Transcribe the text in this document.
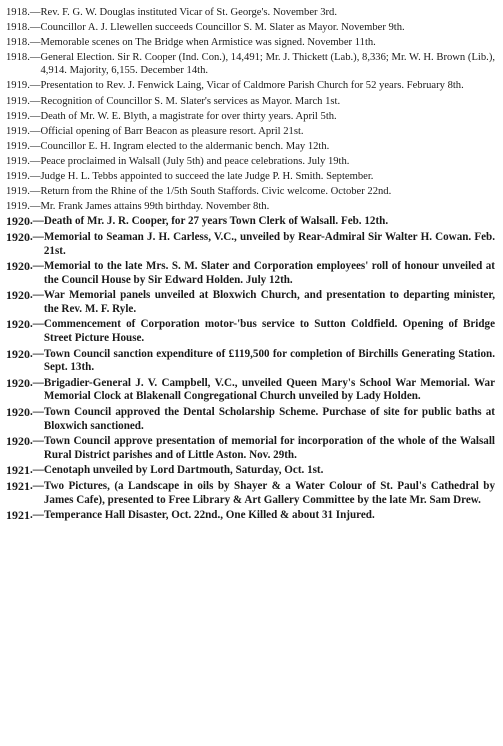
1918 .— Rev. F. G. W. Douglas instituted Vicar of St. George's. November 3rd.
1918 .— Councillor A. J. Llewellen succeeds Councillor S. M. Slater as Mayor. November 9th.
1918 .— Memorable scenes on The Bridge when Armistice was signed. November 11th.
1918 .— General Election. Sir R. Cooper (Ind. Con.), 14,491; Mr. J. Thickett (Lab.), 8,336; Mr. W. H. Brown (Lib.), 4,914. Majority, 6,155. December 14th.
1919 .— Presentation to Rev. J. Fenwick Laing, Vicar of Caldmore Parish Church for 52 years. February 8th.
1919 .— Recognition of Councillor S. M. Slater's services as Mayor. March 1st.
1919 .— Death of Mr. W. E. Blyth, a magistrate for over thirty years. April 5th.
1919 .— Official opening of Barr Beacon as pleasure resort. April 21st.
1919 .— Councillor E. H. Ingram elected to the aldermanic bench. May 12th.
1919 .— Peace proclaimed in Walsall (July 5th) and peace celebrations. July 19th.
1919 .— Judge H. L. Tebbs appointed to succeed the late Judge P. H. Smith. September.
1919 .— Return from the Rhine of the 1/5th South Staffords. Civic welcome. October 22nd.
1919 .— Mr. Frank James attains 99th birthday. November 8th.
1920 .— Death of Mr. J. R. Cooper, for 27 years Town Clerk of Walsall. Feb. 12th.
1920 .— Memorial to Seaman J. H. Carless, V.C., unveiled by Rear-Admiral Sir Walter H. Cowan. Feb. 21st.
1920 .— Memorial to the late Mrs. S. M. Slater and Corporation employees' roll of honour unveiled at the Council House by Sir Edward Holden. July 12th.
1920 .— War Memorial panels unveiled at Bloxwich Church, and presentation to departing minister, the Rev. M. F. Ryle.
1920 .— Commencement of Corporation motor-'bus service to Sutton Coldfield. Opening of Bridge Street Picture House.
1920 .— Town Council sanction expenditure of £119,500 for completion of Birchills Generating Station. Sept. 13th.
1920 .— Brigadier-General J. V. Campbell, V.C., unveiled Queen Mary's School War Memorial. War Memorial Clock at Blakenall Congregational Church unveiled by Lady Holden.
1920 .— Town Council approved the Dental Scholarship Scheme. Purchase of site for public baths at Bloxwich sanctioned.
1920 .— Town Council approve presentation of memorial for incorporation of the whole of the Walsall Rural District parishes and of Little Aston. Nov. 29th.
1921 .— Cenotaph unveiled by Lord Dartmouth, Saturday, Oct. 1st.
1921 .— Two Pictures, (a Landscape in oils by Shayer & a Water Colour of St. Paul's Cathedral by James Cafe), presented to Free Library & Art Gallery Committee by the late Mr. Sam Drew.
1921 .— Temperance Hall Disaster, Oct. 22nd., One Killed & about 31 Injured.
